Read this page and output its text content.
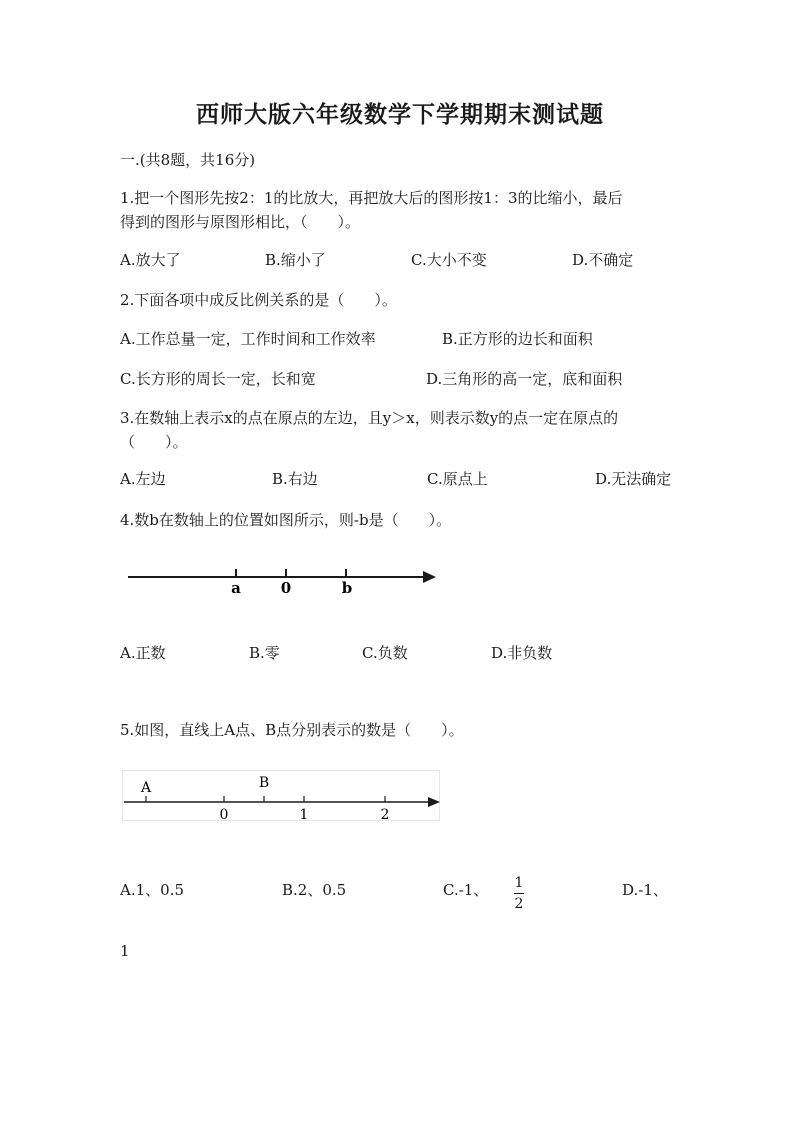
西师大版六年级数学下学期期末测试题
一.(共8题，共16分)
1.把一个图形先按2：1的比放大，再把放大后的图形按1：3的比缩小，最后
得到的图形与原图形相比，（　　）。
A.放大了	B.缩小了	C.大小不变	D.不确定
2.下面各项中成反比例关系的是（　　）。
A.工作总量一定，工作时间和工作效率	B.正方形的边长和面积
C.长方形的周长一定，长和宽	D.三角形的高一定，底和面积
3.在数轴上表示x的点在原点的左边，且y＞x，则表示数y的点一定在原点的
（　　）。
A.左边	B.右边	C.原点上	D.无法确定
4.数b在数轴上的位置如图所示，则-b是（　　）。
a	0	b
A.正数	B.零	C.负数	D.非负数
5.如图，直线上A点、B点分别表示的数是（　　）。
A	B
0	1	2
A.1、0.5	B.2、0.5	C.-1、 $\frac{1}{2}$	D.-1、
1
